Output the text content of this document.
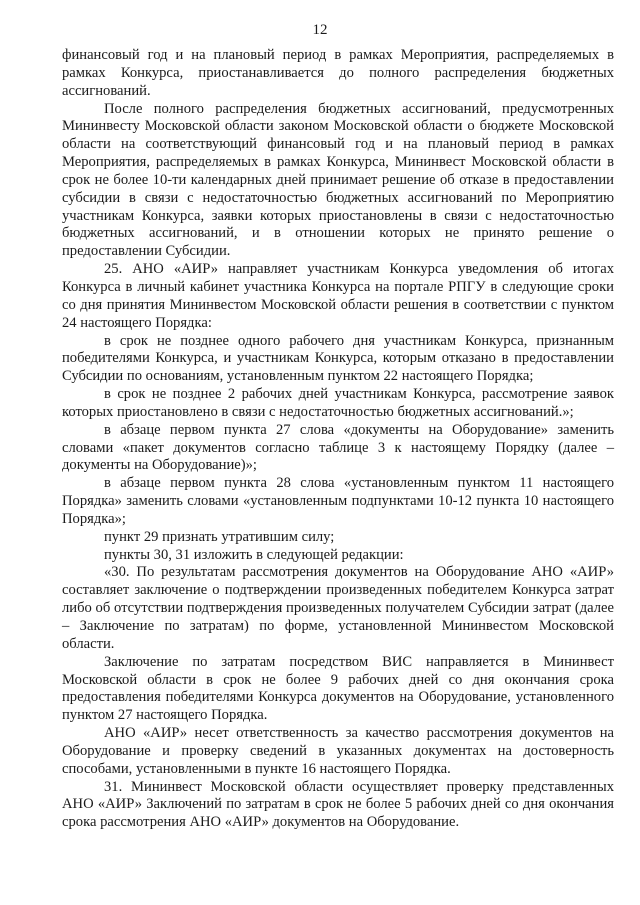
12

финансовый год и на плановый период в рамках Мероприятия, распределяемых в рамках Конкурса, приостанавливается до полного распределения бюджетных ассигнований.

После полного распределения бюджетных ассигнований, предусмотренных Мининвесту Московской области законом Московской области о бюджете Московской области на соответствующий финансовый год и на плановый период в рамках Мероприятия, распределяемых в рамках Конкурса, Мининвест Московской области в срок не более 10-ти календарных дней принимает решение об отказе в предоставлении субсидии в связи с недостаточностью бюджетных ассигнований по Мероприятию участникам Конкурса, заявки которых приостановлены в связи с недостаточностью бюджетных ассигнований, и в отношении которых не принято решение о предоставлении Субсидии.

25. АНО «АИР» направляет участникам Конкурса уведомления об итогах Конкурса в личный кабинет участника Конкурса на портале РПГУ в следующие сроки со дня принятия Мининвестом Московской области решения в соответствии с пунктом 24 настоящего Порядка:

в срок не позднее одного рабочего дня участникам Конкурса, признанным победителями Конкурса, и участникам Конкурса, которым отказано в предоставлении Субсидии по основаниям, установленным пунктом 22 настоящего Порядка;

в срок не позднее 2 рабочих дней участникам Конкурса, рассмотрение заявок которых приостановлено в связи с недостаточностью бюджетных ассигнований.»;

в абзаце первом пункта 27 слова «документы на Оборудование» заменить словами «пакет документов согласно таблице 3 к настоящему Порядку (далее – документы на Оборудование)»;

в абзаце первом пункта 28 слова «установленным пунктом 11 настоящего Порядка» заменить словами «установленным подпунктами 10-12 пункта 10 настоящего Порядка»;

пункт 29 признать утратившим силу;

пункты 30, 31 изложить в следующей редакции:

«30. По результатам рассмотрения документов на Оборудование АНО «АИР» составляет заключение о подтверждении произведенных победителем Конкурса затрат либо об отсутствии подтверждения произведенных получателем Субсидии затрат (далее – Заключение по затратам) по форме, установленной Мининвестом Московской области.

Заключение по затратам посредством ВИС направляется в Мининвест Московской области в срок не более 9 рабочих дней со дня окончания срока предоставления победителями Конкурса документов на Оборудование, установленного пунктом 27 настоящего Порядка.

АНО «АИР» несет ответственность за качество рассмотрения документов на Оборудование и проверку сведений в указанных документах на достоверность способами, установленными в пункте 16 настоящего Порядка.

31. Мининвест Московской области осуществляет проверку представленных АНО «АИР» Заключений по затратам в срок не более 5 рабочих дней со дня окончания срока рассмотрения АНО «АИР» документов на Оборудование.
